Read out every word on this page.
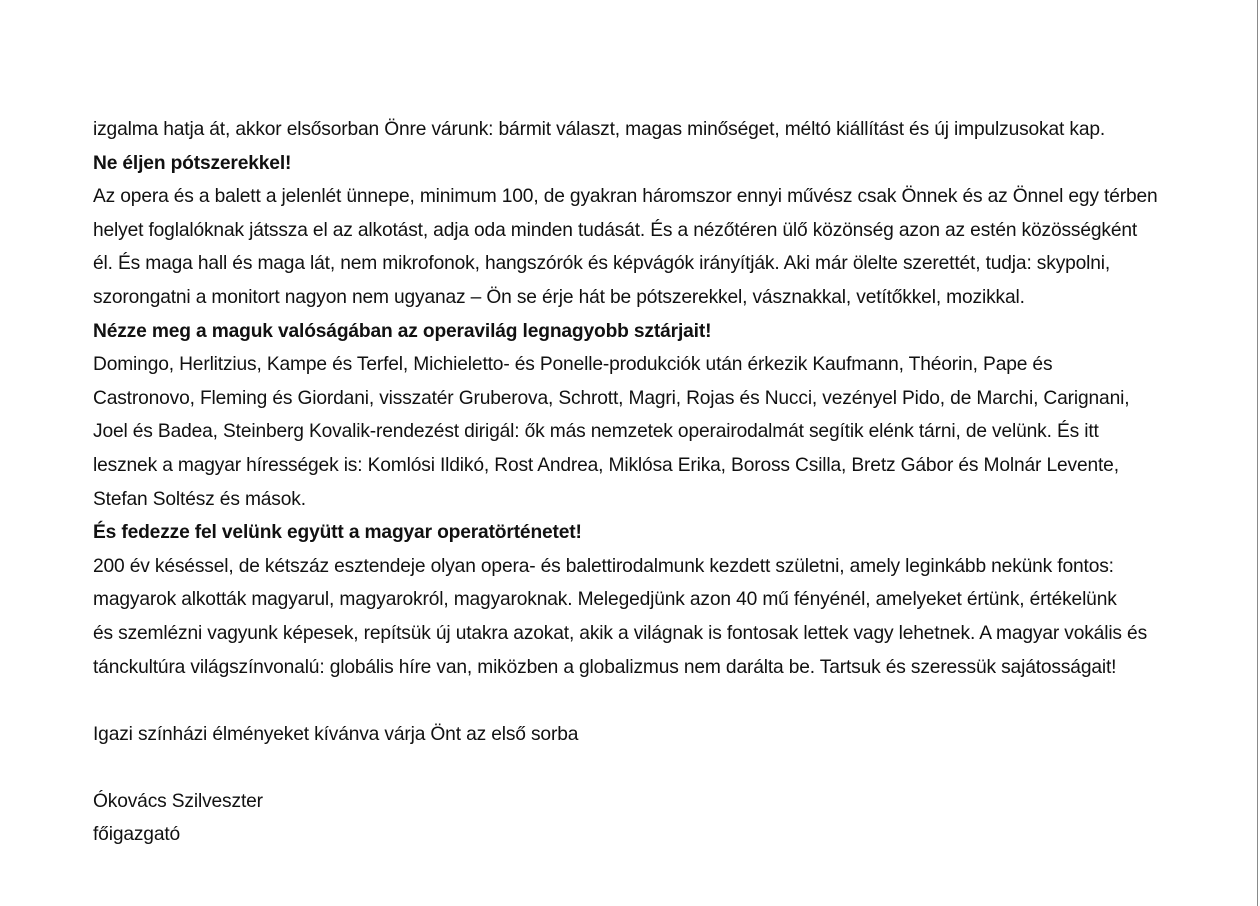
izgalma hatja át, akkor elsősorban Önre várunk: bármit választ, magas minőséget, méltó kiállítást és új impulzusokat kap.
Ne éljen pótszerekkel!
Az opera és a balett a jelenlét ünnepe, minimum 100, de gyakran háromszor ennyi művész csak Önnek és az Önnel egy térben
helyet foglalóknak játssza el az alkotást, adja oda minden tudását. És a nézőtéren ülő közönség azon az estén közösségként
él. És maga hall és maga lát, nem mikrofonok, hangszórók és képvágók irányítják. Aki már ölelte szerettét, tudja: skypolni,
szorongatni a monitort nagyon nem ugyanaz – Ön se érje hát be pótszerekkel, vásznakkal, vetítőkkel, mozikkal.
Nézze meg a maguk valóságában az operavilág legnagyobb sztárjait!
Domingo, Herlitzius, Kampe és Terfel, Michieletto- és Ponelle-produkciók után érkezik Kaufmann, Théorin, Pape és
Castronovo, Fleming és Giordani, visszatér Gruberova, Schrott, Magri, Rojas és Nucci, vezényel Pido, de Marchi, Carignani,
Joel és Badea, Steinberg Kovalik-rendezést dirigál: ők más nemzetek operairodalmát segítik elénk tárni, de velünk. És itt
lesznek a magyar hírességek is: Komlósi Ildikó, Rost Andrea, Miklósa Erika, Boross Csilla, Bretz Gábor és Molnár Levente,
Stefan Soltész és mások.
És fedezze fel velünk együtt a magyar operatörténetet!
200 év késéssel, de kétszáz esztendeje olyan opera- és balettirodalmunk kezdett születni, amely leginkább nekünk fontos:
magyarok alkották magyarul, magyarokról, magyaroknak. Melegedjünk azon 40 mű fényénél, amelyeket értünk, értékelünk
és szemlézni vagyunk képesek, repítsük új utakra azokat, akik a világnak is fontosak lettek vagy lehetnek. A magyar vokális és
tánckultúra világszínvonalú: globális híre van, miközben a globalizmus nem darálta be. Tartsuk és szeressük sajátosságait!
Igazi színházi élményeket kívánva várja Önt az első sorba
Ókovács Szilveszter
főigazgató
